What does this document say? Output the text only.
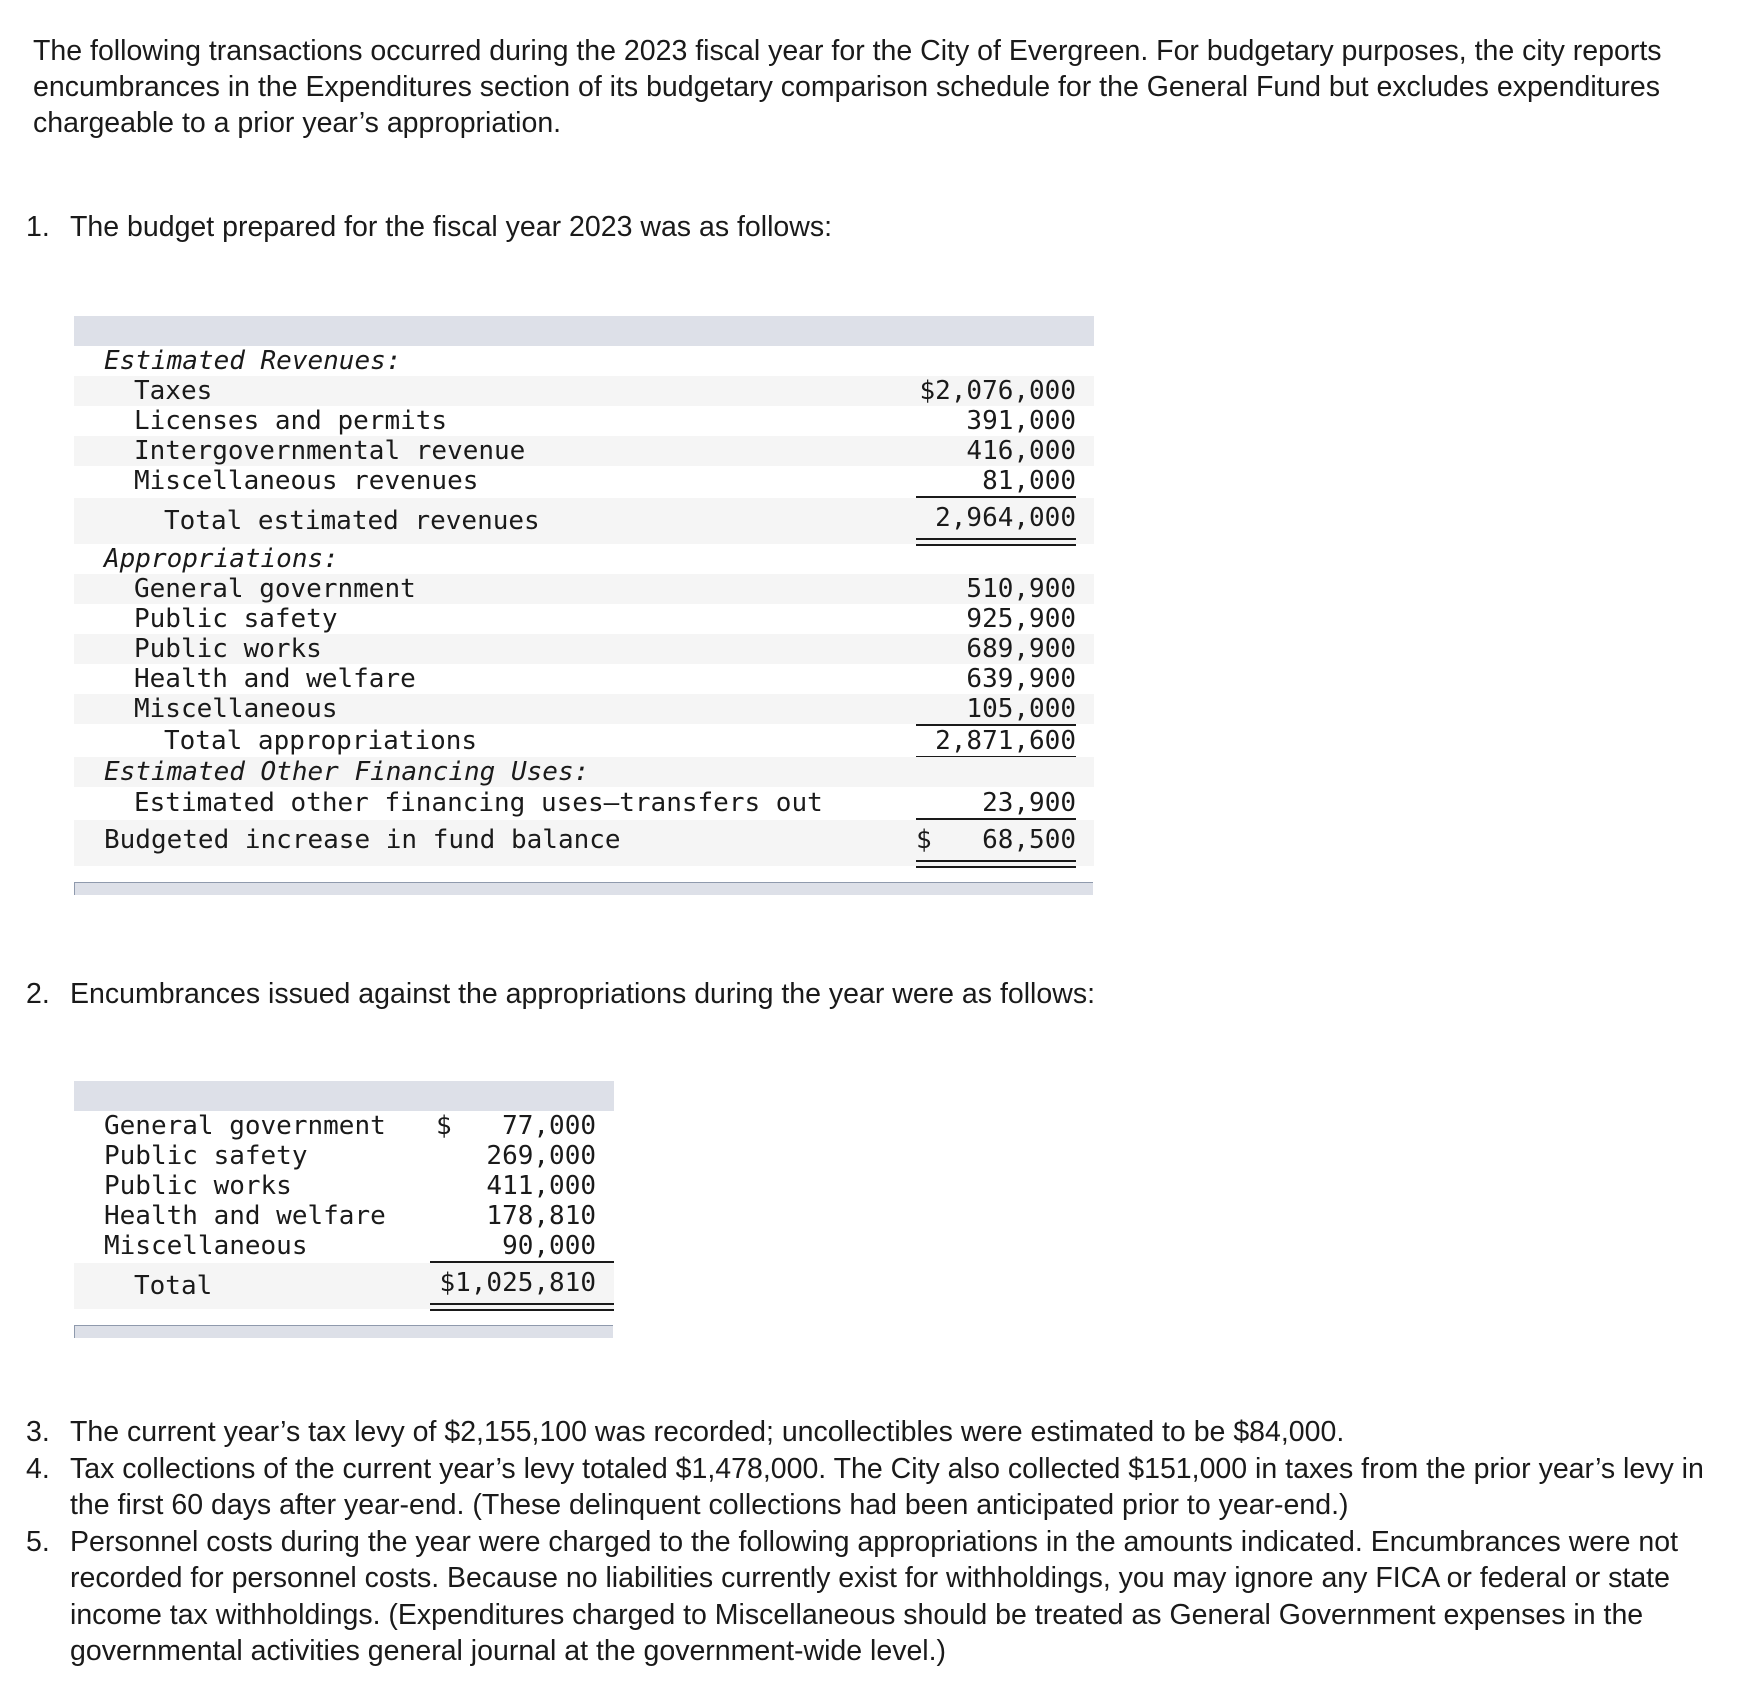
The following transactions occurred during the 2023 fiscal year for the City of Evergreen. For budgetary purposes, the city reports encumbrances in the Expenditures section of its budgetary comparison schedule for the General Fund but excludes expenditures chargeable to a prior year’s appropriation.

1. The budget prepared for the fiscal year 2023 was as follows:

Estimated Revenues:
Taxes	$2,076,000
Licenses and permits	391,000
Intergovernmental revenue	416,000
Miscellaneous revenues	81,000
Total estimated revenues	2,964,000
Appropriations:
General government	510,900
Public safety	925,900
Public works	689,900
Health and welfare	639,900
Miscellaneous	105,000
Total appropriations	2,871,600
Estimated Other Financing Uses:
Estimated other financing uses—transfers out	23,900
Budgeted increase in fund balance	$ 68,500

2. Encumbrances issued against the appropriations during the year were as follows:

General government $ 77,000
Public safety	269,000
Public works	411,000
Health and welfare	178,810
Miscellaneous	90,000
Total	$1,025,810
3. The current year’s tax levy of $2,155,100 was recorded; uncollectibles were estimated to be $84,000.
4. Tax collections of the current year’s levy totaled $1,478,000. The City also collected $151,000 in taxes from the prior year’s levy in the first 60 days after year-end. (These delinquent collections had been anticipated prior to year-end.)
5. Personnel costs during the year were charged to the following appropriations in the amounts indicated. Encumbrances were not recorded for personnel costs. Because no liabilities currently exist for withholdings, you may ignore any FICA or federal or state income tax withholdings. (Expenditures charged to Miscellaneous should be treated as General Government expenses in the governmental activities general journal at the government-wide level.)
